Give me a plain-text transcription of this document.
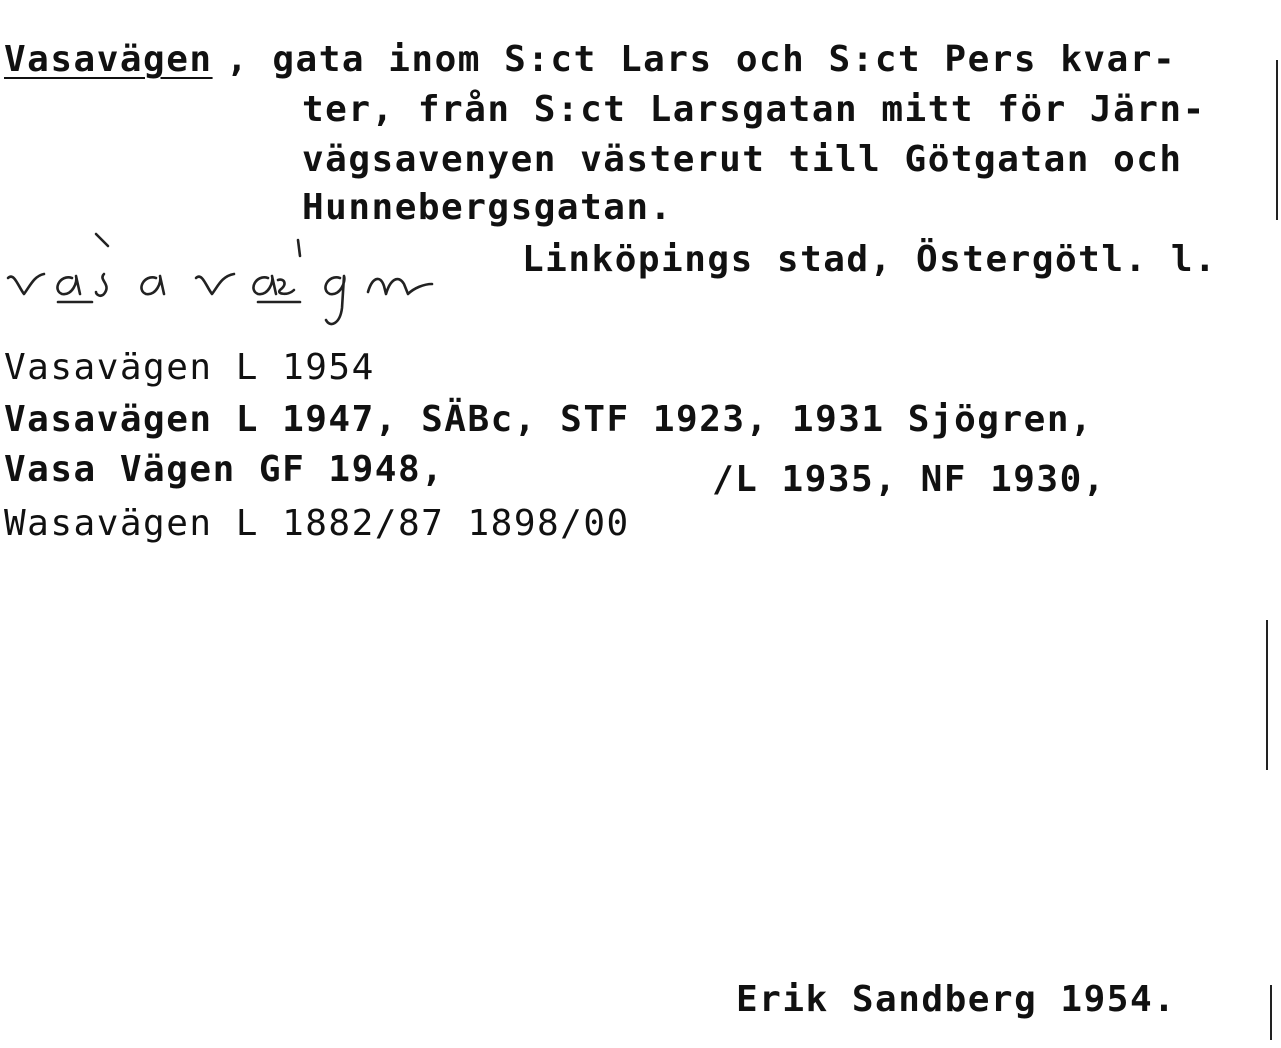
Vasavägen , gata inom S:ct Lars och S:ct Pers kvar-
ter, från S:ct Larsgatan mitt för Järn-
vägsavenyen västerut till Götgatan och
Hunnebergsgatan.
Linköpings stad, Östergötl. l.
Vasavägen L 1954
Vasavägen L 1947, SÄBc, STF 1923, 1931 Sjögren,
Vasa Vägen GF 1948,	/L 1935, NF 1930,
Wasavägen L 1882/87 1898/00
Erik Sandberg 1954.
